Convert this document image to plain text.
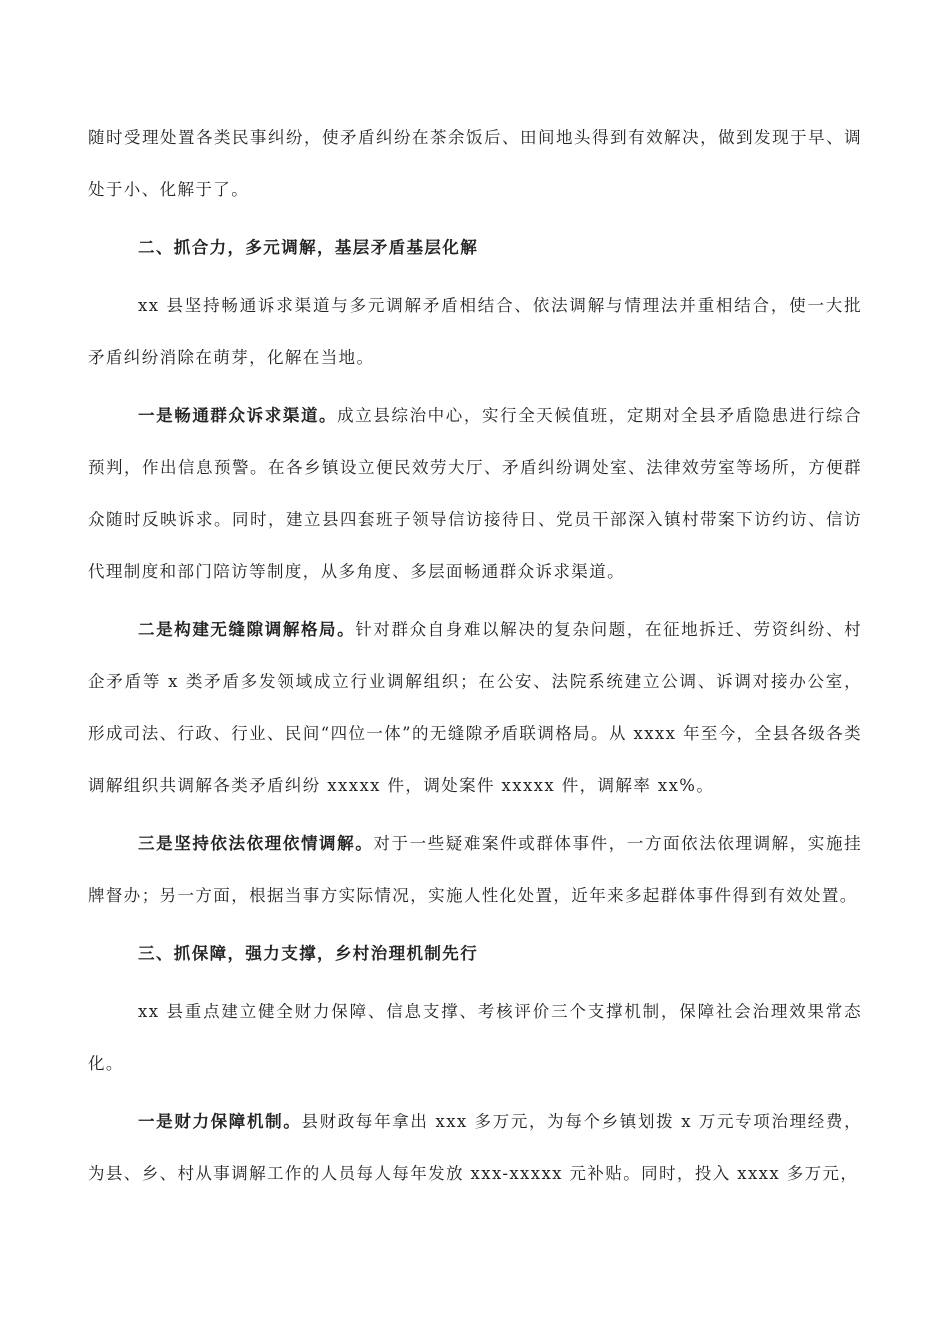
随时受理处置各类民事纠纷，使矛盾纠纷在茶余饭后、田间地头得到有效解决，做到发现于早、调处于小、化解于了。

二、抓合力，多元调解，基层矛盾基层化解

xx 县坚持畅通诉求渠道与多元调解矛盾相结合、依法调解与情理法并重相结合，使一大批矛盾纠纷消除在萌芽，化解在当地。

一是畅通群众诉求渠道。成立县综治中心，实行全天候值班，定期对全县矛盾隐患进行综合预判，作出信息预警。在各乡镇设立便民效劳大厅、矛盾纠纷调处室、法律效劳室等场所，方便群众随时反映诉求。同时，建立县四套班子领导信访接待日、党员干部深入镇村带案下访约访、信访代理制度和部门陪访等制度，从多角度、多层面畅通群众诉求渠道。

二是构建无缝隙调解格局。针对群众自身难以解决的复杂问题，在征地拆迁、劳资纠纷、村企矛盾等 x 类矛盾多发领域成立行业调解组织；在公安、法院系统建立公调、诉调对接办公室，形成司法、行政、行业、民间“四位一体”的无缝隙矛盾联调格局。从 xxxx 年至今，全县各级各类调解组织共调解各类矛盾纠纷 xxxxx 件，调处案件 xxxxx 件，调解率 xx%。

三是坚持依法依理依情调解。对于一些疑难案件或群体事件，一方面依法依理调解，实施挂牌督办；另一方面，根据当事方实际情况，实施人性化处置，近年来多起群体事件得到有效处置。

三、抓保障，强力支撑，乡村治理机制先行

xx 县重点建立健全财力保障、信息支撑、考核评价三个支撑机制，保障社会治理效果常态化。

一是财力保障机制。县财政每年拿出 xxx 多万元，为每个乡镇划拨 x 万元专项治理经费，为县、乡、村从事调解工作的人员每人每年发放 xxx-xxxxx 元补贴。同时，投入 xxxx 多万元，
